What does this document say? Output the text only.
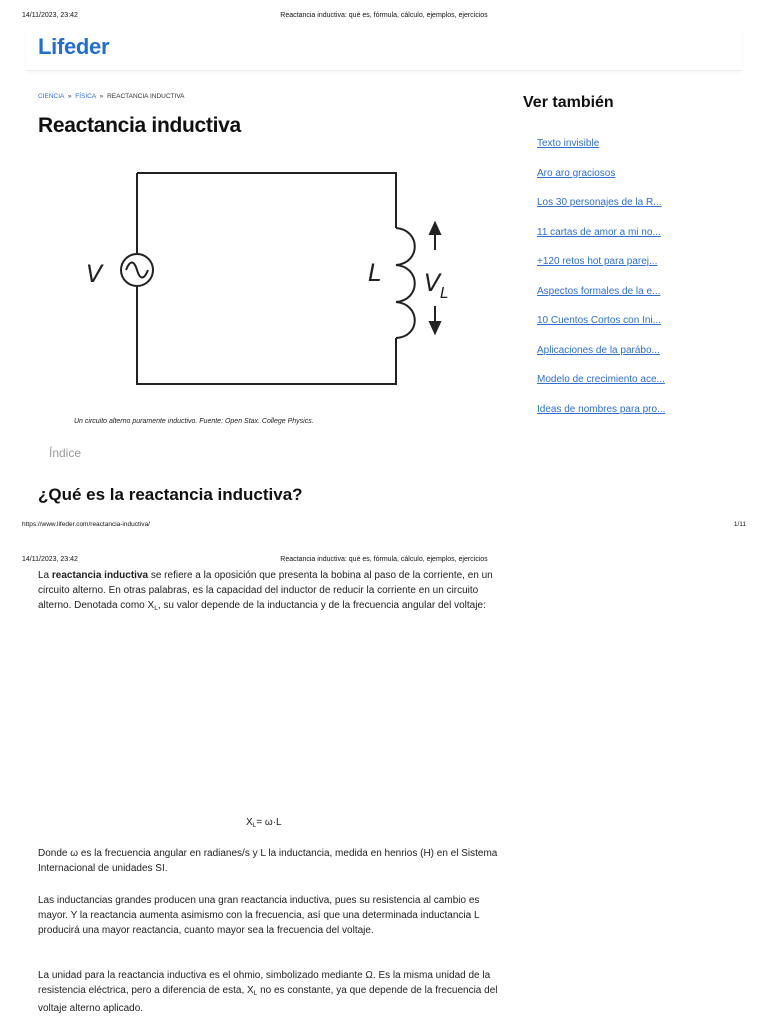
14/11/2023, 23:42	Reactancia inductiva: qué es, fórmula, cálculo, ejemplos, ejercicios
Lifeder
CIENCIA » FÍSICA » REACTANCIA INDUCTIVA
Reactancia inductiva
V	L V L
Un circuito alterno puramente inductivo. Fuente: Open Stax. College Physics.
Índice
¿Qué es la reactancia inductiva?
Ver también
Texto invisible
Aro aro graciosos
Los 30 personajes de la R...
11 cartas de amor a mi no...
+120 retos hot para parej...
Aspectos formales de la e...
10 Cuentos Cortos con Ini...
Aplicaciones de la parábo...
Modelo de crecimiento ace...
Ideas de nombres para pro...
https://www.lifeder.com/reactancia-inductiva/	1/11
14/11/2023, 23:42	Reactancia inductiva: qué es, fórmula, cálculo, ejemplos, ejercicios

La reactancia inductiva se refiere a la oposición que presenta la bobina al paso de la corriente, en un circuito alterno. En otras palabras, es la capacidad del inductor de reducir la corriente en un circuito alterno. Denotada como $X_L$, su valor depende de la inductancia y de la frecuencia angular del voltaje:

$X_L= \omega\cdot L$

Donde ω es la frecuencia angular en radianes/s y L la inductancia, medida en henrios (H) en el Sistema Internacional de unidades SI.

Las inductancias grandes producen una gran reactancia inductiva, pues su resistencia al cambio es mayor. Y la reactancia aumenta asimismo con la frecuencia, así que una determinada inductancia L producirá una mayor reactancia, cuanto mayor sea la frecuencia del voltaje.

La unidad para la reactancia inductiva es el ohmio, simbolizado mediante Ω. Es la misma unidad de la resistencia eléctrica, pero a diferencia de esta, $X_L$ no es constante, ya que depende de la frecuencia del voltaje alterno aplicado.
